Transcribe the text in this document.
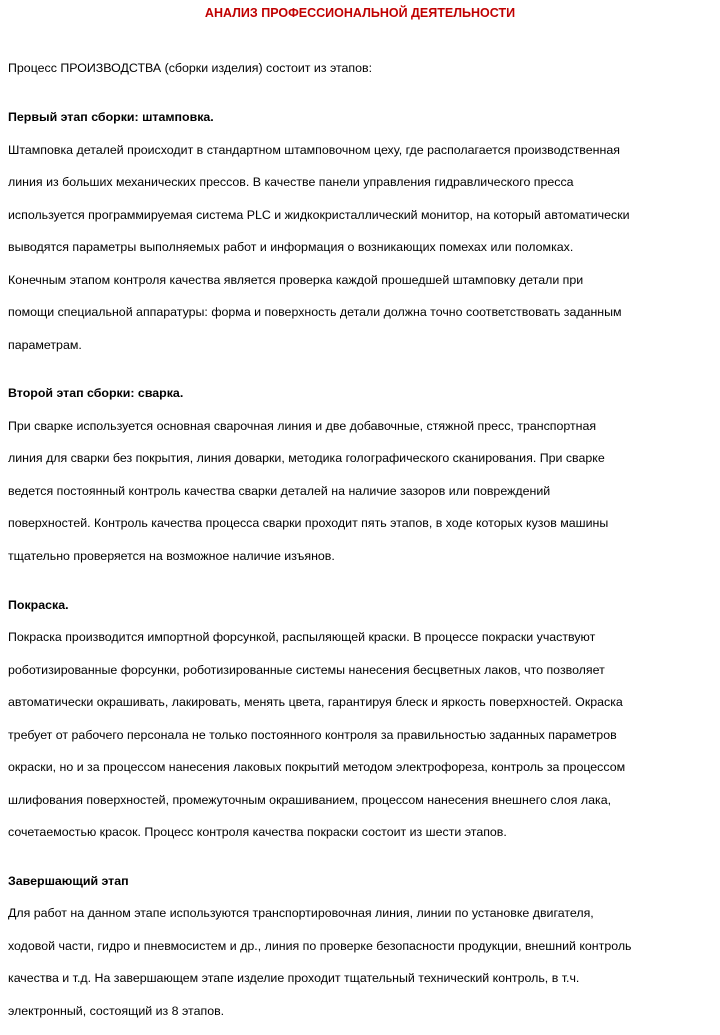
АНАЛИЗ ПРОФЕССИОНАЛЬНОЙ ДЕЯТЕЛЬНОСТИ

Процесс ПРОИЗВОДСТВА (сборки изделия) состоит из этапов:

Первый этап сборки: штамповка.

Штамповка деталей происходит в стандартном штамповочном цеху, где располагается производственная

линия из больших механических прессов. В качестве панели управления гидравлического пресса

используется программируемая система PLC и жидкокристаллический монитор, на который автоматически

выводятся параметры выполняемых работ и информация о возникающих помехах или поломках.

Конечным этапом контроля качества является проверка каждой прошедшей штамповку детали при

помощи специальной аппаратуры: форма и поверхность детали должна точно соответствовать заданным

параметрам.

Второй этап сборки: сварка.

При сварке используется основная сварочная линия и две добавочные, стяжной пресс, транспортная

линия для сварки без покрытия, линия доварки, методика голографического сканирования. При сварке

ведется постоянный контроль качества сварки деталей на наличие зазоров или повреждений

поверхностей. Контроль качества процесса сварки проходит пять этапов, в ходе которых кузов машины

тщательно проверяется на возможное наличие изъянов.

Покраска.

Покраска производится импортной форсункой, распыляющей краски. В процессе покраски участвуют

роботизированные форсунки, роботизированные системы нанесения бесцветных лаков, что позволяет

автоматически окрашивать, лакировать, менять цвета, гарантируя блеск и яркость поверхностей. Окраска

требует от рабочего персонала не только постоянного контроля за правильностью заданных параметров

окраски, но и за процессом нанесения лаковых покрытий методом электрофореза, контроль за процессом

шлифования поверхностей, промежуточным окрашиванием, процессом нанесения внешнего слоя лака,

сочетаемостью красок. Процесс контроля качества покраски состоит из шести этапов.

Завершающий этап

Для работ на данном этапе используются транспортировочная линия, линии по установке двигателя,

ходовой части, гидро и пневмосистем и др., линия по проверке безопасности продукции, внешний контроль

качества и т.д. На завершающем этапе изделие проходит тщательный технический контроль, в т.ч.

электронный, состоящий из 8 этапов.
